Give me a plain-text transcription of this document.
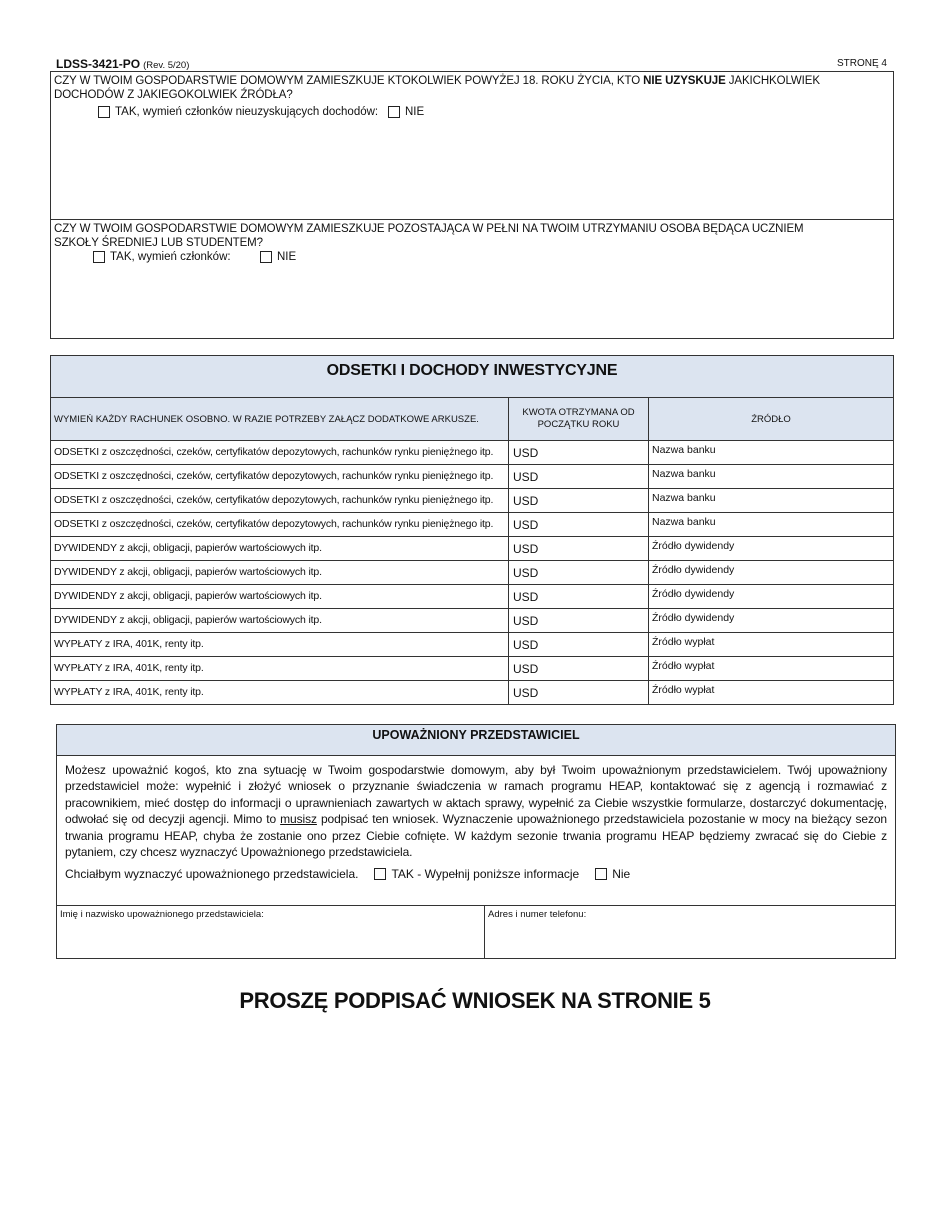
LDSS-3421-PO (Rev. 5/20)	STRONĘ 4
CZY W TWOIM GOSPODARSTWIE DOMOWYM ZAMIESZKUJE KTOKOLWIEK POWYŻEJ 18. ROKU ŻYCIA, KTO NIE UZYSKUJE JAKICHKOLWIEK DOCHODÓW Z JAKIEGOKOLWIEK ŹRÓDŁA?
TAK, wymień członków nieuzyskujących dochodów: NIE
CZY W TWOIM GOSPODARSTWIE DOMOWYM ZAMIESZKUJE POZOSTAJĄCA W PEŁNI NA TWOIM UTRZYMANIU OSOBA BĘDĄCA UCZNIEM SZKOŁY ŚREDNIEJ LUB STUDENTEM?
TAK, wymień członków:	NIE
ODSETKI I DOCHODY INWESTYCYJNE
WYMIEŃ KAŻDY RACHUNEK OSOBNO. W RAZIE POTRZEBY ZAŁĄCZ DODATKOWE ARKUSZE.
KWOTA OTRZYMANA OD POCZĄTKU ROKU	ŹRÓDŁO
ODSETKI z oszczędności, czeków, certyfikatów depozytowych, rachunków rynku pieniężnego itp.	USD	Nazwa banku
ODSETKI z oszczędności, czeków, certyfikatów depozytowych, rachunków rynku pieniężnego itp.	USD	Nazwa banku
ODSETKI z oszczędności, czeków, certyfikatów depozytowych, rachunków rynku pieniężnego itp.	USD	Nazwa banku
ODSETKI z oszczędności, czeków, certyfikatów depozytowych, rachunków rynku pieniężnego itp.	USD	Nazwa banku
DYWIDENDY z akcji, obligacji, papierów wartościowych itp.	USD	Źródło dywidendy
DYWIDENDY z akcji, obligacji, papierów wartościowych itp.	USD	Źródło dywidendy
DYWIDENDY z akcji, obligacji, papierów wartościowych itp.	USD	Źródło dywidendy
DYWIDENDY z akcji, obligacji, papierów wartościowych itp.	USD	Źródło dywidendy
WYPŁATY z IRA, 401K, renty itp.	USD	Źródło wypłat
WYPŁATY z IRA, 401K, renty itp.	USD	Źródło wypłat
WYPŁATY z IRA, 401K, renty itp.	USD	Źródło wypłat
UPOWAŻNIONY PRZEDSTAWICIEL
Możesz upoważnić kogoś, kto zna sytuację w Twoim gospodarstwie domowym, aby był Twoim upoważnionym przedstawicielem. Twój upoważniony przedstawiciel może: wypełnić i złożyć wniosek o przyznanie świadczenia w ramach programu HEAP, kontaktować się z agencją i rozmawiać z pracownikiem, mieć dostęp do informacji o uprawnieniach zawartych w aktach sprawy, wypełnić za Ciebie wszystkie formularze, dostarczyć dokumentację, odwołać się od decyzji agencji. Mimo to musisz podpisać ten wniosek. Wyznaczenie upoważnionego przedstawiciela pozostanie w mocy na bieżący sezon trwania programu HEAP, chyba że zostanie ono przez Ciebie cofnięte. W każdym sezonie trwania programu HEAP będziemy zwracać się do Ciebie z pytaniem, czy chcesz wyznaczyć Upoważnionego przedstawiciela.
Chciałbym wyznaczyć upoważnionego przedstawiciela.	TAK - Wypełnij poniższe informacje	Nie
Imię i nazwisko upoważnionego przedstawiciela:	Adres i numer telefonu:
PROSZĘ PODPISAĆ WNIOSEK NA STRONIE 5
